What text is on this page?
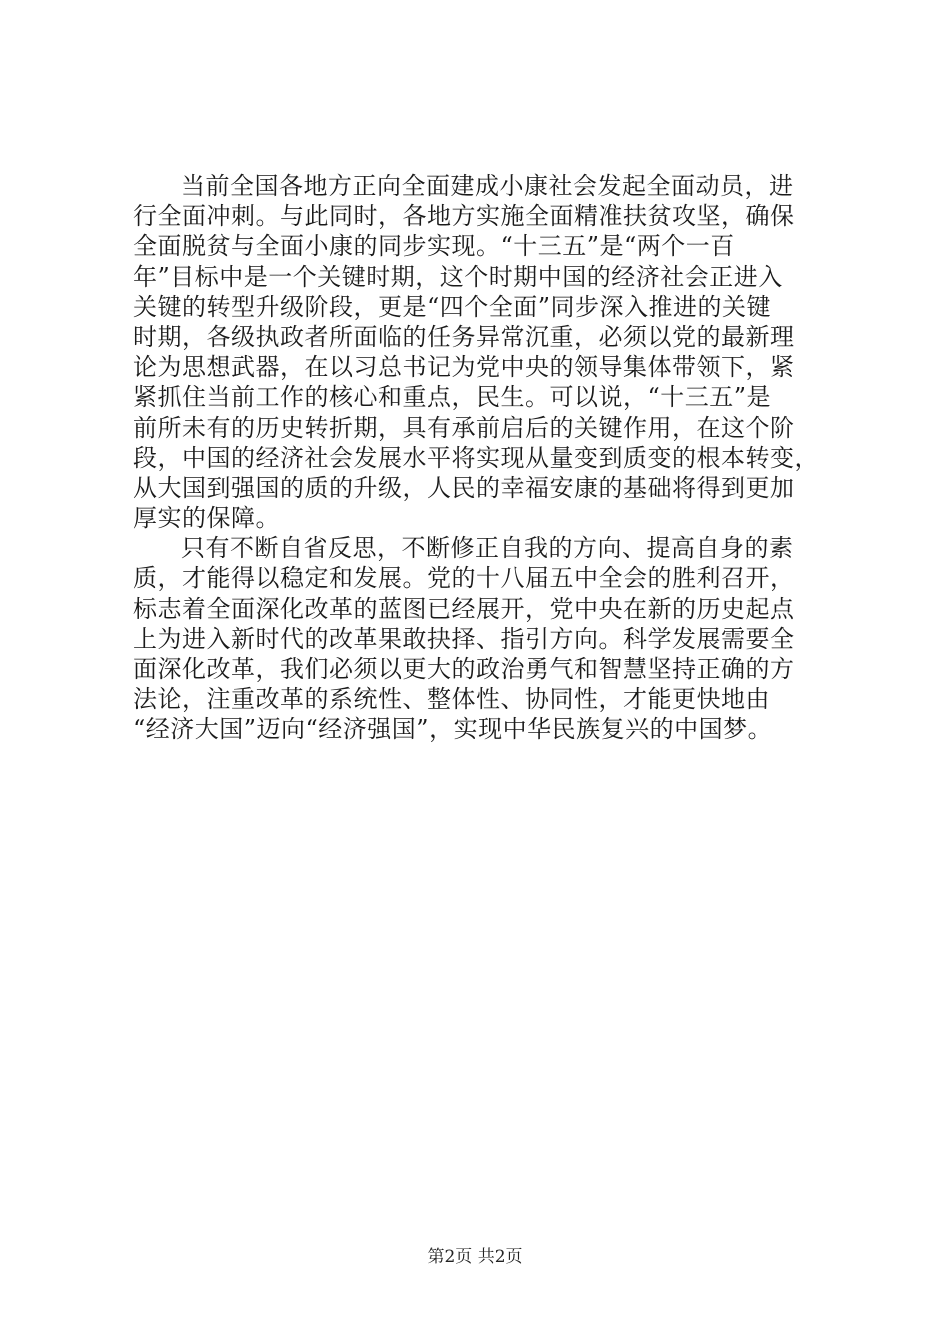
当前全国各地方正向全面建成小康社会发起全面动员，进
行全面冲刺。与此同时，各地方实施全面精准扶贫攻坚，确保
全面脱贫与全面小康的同步实现。“十三五”是“两个一百
年”目标中是一个关键时期，这个时期中国的经济社会正进入
关键的转型升级阶段，更是“四个全面”同步深入推进的关键
时期，各级执政者所面临的任务异常沉重，必须以党的最新理
论为思想武器，在以习总书记为党中央的领导集体带领下，紧
紧抓住当前工作的核心和重点，民生。可以说，“十三五”是
前所未有的历史转折期，具有承前启后的关键作用，在这个阶
段，中国的经济社会发展水平将实现从量变到质变的根本转变，
从大国到强国的质的升级，人民的幸福安康的基础将得到更加
厚实的保障。
只有不断自省反思，不断修正自我的方向、提高自身的素
质，才能得以稳定和发展。党的十八届五中全会的胜利召开，
标志着全面深化改革的蓝图已经展开，党中央在新的历史起点
上为进入新时代的改革果敢抉择、指引方向。科学发展需要全
面深化改革，我们必须以更大的政治勇气和智慧坚持正确的方
法论，注重改革的系统性、整体性、协同性，才能更快地由
“经济大国”迈向“经济强国”，实现中华民族复兴的中国梦。
第2页 共2页
